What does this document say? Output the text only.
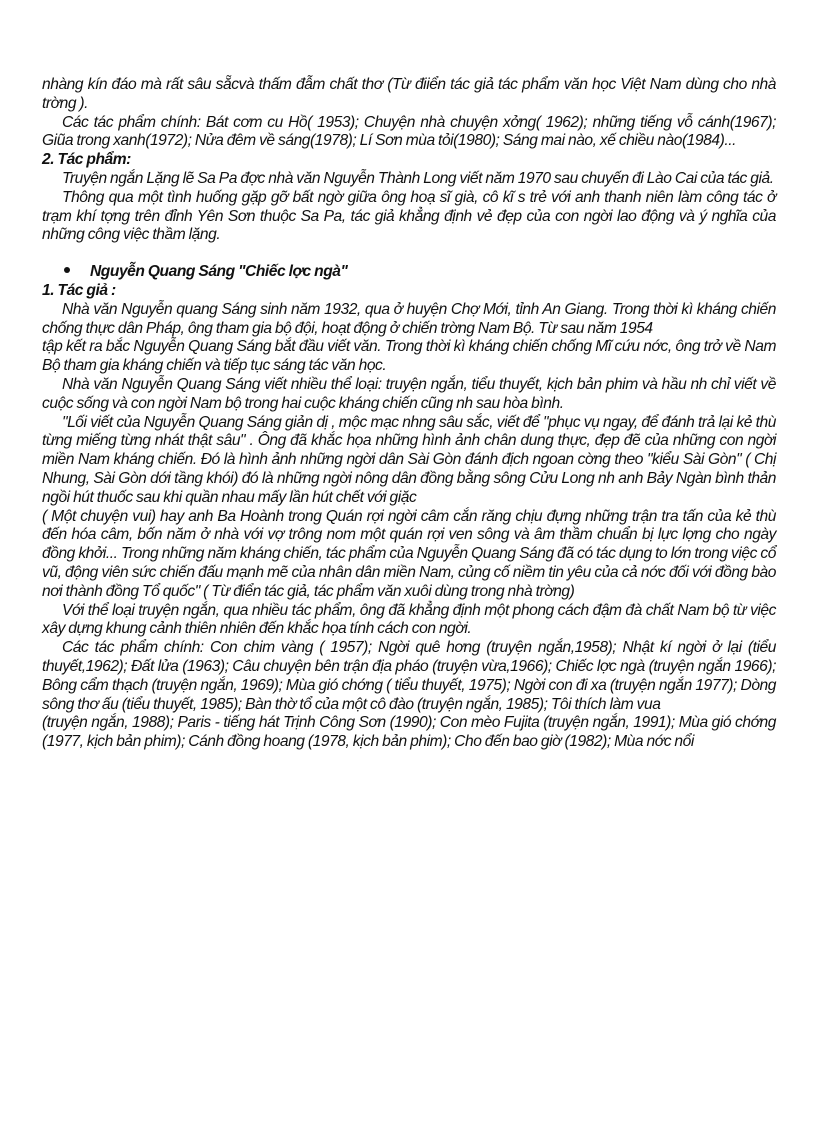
nhàng kín đáo mà rất sâu sẵcvà thấm đẫm chất thơ (Từ điiển tác giả tác phẩm văn học Việt Nam dùng cho nhà trờng ).

Các tác phẩm chính: Bát cơm cu Hồ( 1953); Chuyện nhà chuyện xởng( 1962); những tiếng vỗ cánh(1967); Giũa trong xanh(1972); Nửa đêm về sáng(1978); Lí Sơn mùa tỏi(1980); Sáng mai nào, xế chiều nào(1984)...

2. Tác phẩm:

Truyện ngắn Lặng lẽ Sa Pa đợc nhà văn Nguyễn Thành Long viết năm 1970 sau chuyến đi Lào Cai của tác giả.

Thông qua một tình huống gặp gỡ bất ngờ giữa ông hoạ sĩ già, cô kĩ s trẻ với anh thanh niên làm công tác ở trạm khí tợng trên đỉnh Yên Sơn thuộc Sa Pa, tác giả khẳng định vẻ đẹp của con ngời lao động và ý nghĩa của những công việc thầm lặng.

Nguyễn Quang Sáng "Chiếc lợc ngà"

1. Tác giả :

Nhà văn Nguyễn quang Sáng sinh năm 1932, qua ở huyện Chợ Mới, tỉnh An Giang. Trong thời kì kháng chiến chống thực dân Pháp, ông tham gia bộ đội, hoạt động ở chiến trờng Nam Bộ. Từ sau năm 1954

tập kết ra bắc Nguyễn Quang Sáng bắt đầu viết văn. Trong thời kì kháng chiến chống Mĩ cứu nớc, ông trở về Nam Bộ tham gia kháng chiến và tiếp tục sáng tác văn học.

Nhà văn Nguyễn Quang Sáng viết nhiều thể loại: truyện ngắn, tiểu thuyết, kịch bản phim và hầu nh chỉ viết về cuộc sống và con ngời Nam bộ trong hai cuộc kháng chiến cũng nh sau hòa bình.

"Lối viết của Nguyễn Quang Sáng giản dị , mộc mạc nhng sâu sắc, viết để "phục vụ ngay, để đánh trả lại kẻ thù từng miếng từng nhát thật sâu" . Ông đã khắc họa những hình ảnh chân dung thực, đẹp đẽ của những con ngời miền Nam kháng chiến. Đó là hình ảnh những ngời dân Sài Gòn đánh địch ngoan cờng theo "kiểu Sài Gòn" ( Chị Nhung, Sài Gòn dới tầng khói) đó là những ngời nông dân đồng bằng sông Cửu Long nh anh Bảy Ngàn bình thản ngồi hút thuốc sau khi quần nhau mấy lần hút chết với giặc

( Một chuyện vui) hay anh Ba Hoành trong Quán rợi ngời câm cắn răng chịu đựng những trận tra tấn của kẻ thù đến hóa câm, bốn năm ở nhà với vợ trông nom một quán rợi ven sông và âm thầm chuẩn bị lực lợng cho ngày đồng khởi... Trong những năm kháng chiến, tác phẩm của Nguyễn Quang Sáng đã có tác dụng to lớn trong việc cổ vũ, động viên sức chiến đấu mạnh mẽ của nhân dân miền Nam, củng cố niềm tin yêu của cả nớc đối với đồng bào nơi thành đồng Tổ quốc" ( Từ điển tác giả, tác phẩm văn xuôi dùng trong nhà trờng)

Với thể loại truyện ngắn, qua nhiều tác phẩm, ông đã khẳng định một phong cách đậm đà chất Nam bộ từ việc xây dựng khung cảnh thiên nhiên đến khắc họa tính cách con ngời.

Các tác phẩm chính: Con chim vàng ( 1957); Ngời quê hơng (truyện ngắn,1958); Nhật kí ngời ở lại (tiểu thuyết,1962); Đất lửa (1963); Câu chuyện bên trận địa pháo (truyện vừa,1966); Chiếc lợc ngà (truyện ngắn 1966); Bông cẩm thạch (truyện ngắn, 1969); Mùa gió chớng ( tiểu thuyết, 1975); Ngời con đi xa (truyện ngắn 1977); Dòng sông thơ ấu (tiểu thuyết, 1985); Bàn thờ tổ của một cô đào (truyện ngắn, 1985); Tôi thích làm vua

(truyện ngắn, 1988); Paris - tiếng hát Trịnh Công Sơn (1990); Con mèo Fujita (truyện ngắn, 1991); Mùa gió chớng (1977, kịch bản phim); Cánh đồng hoang (1978, kịch bản phim); Cho đến bao giờ (1982); Mùa nớc nổi
